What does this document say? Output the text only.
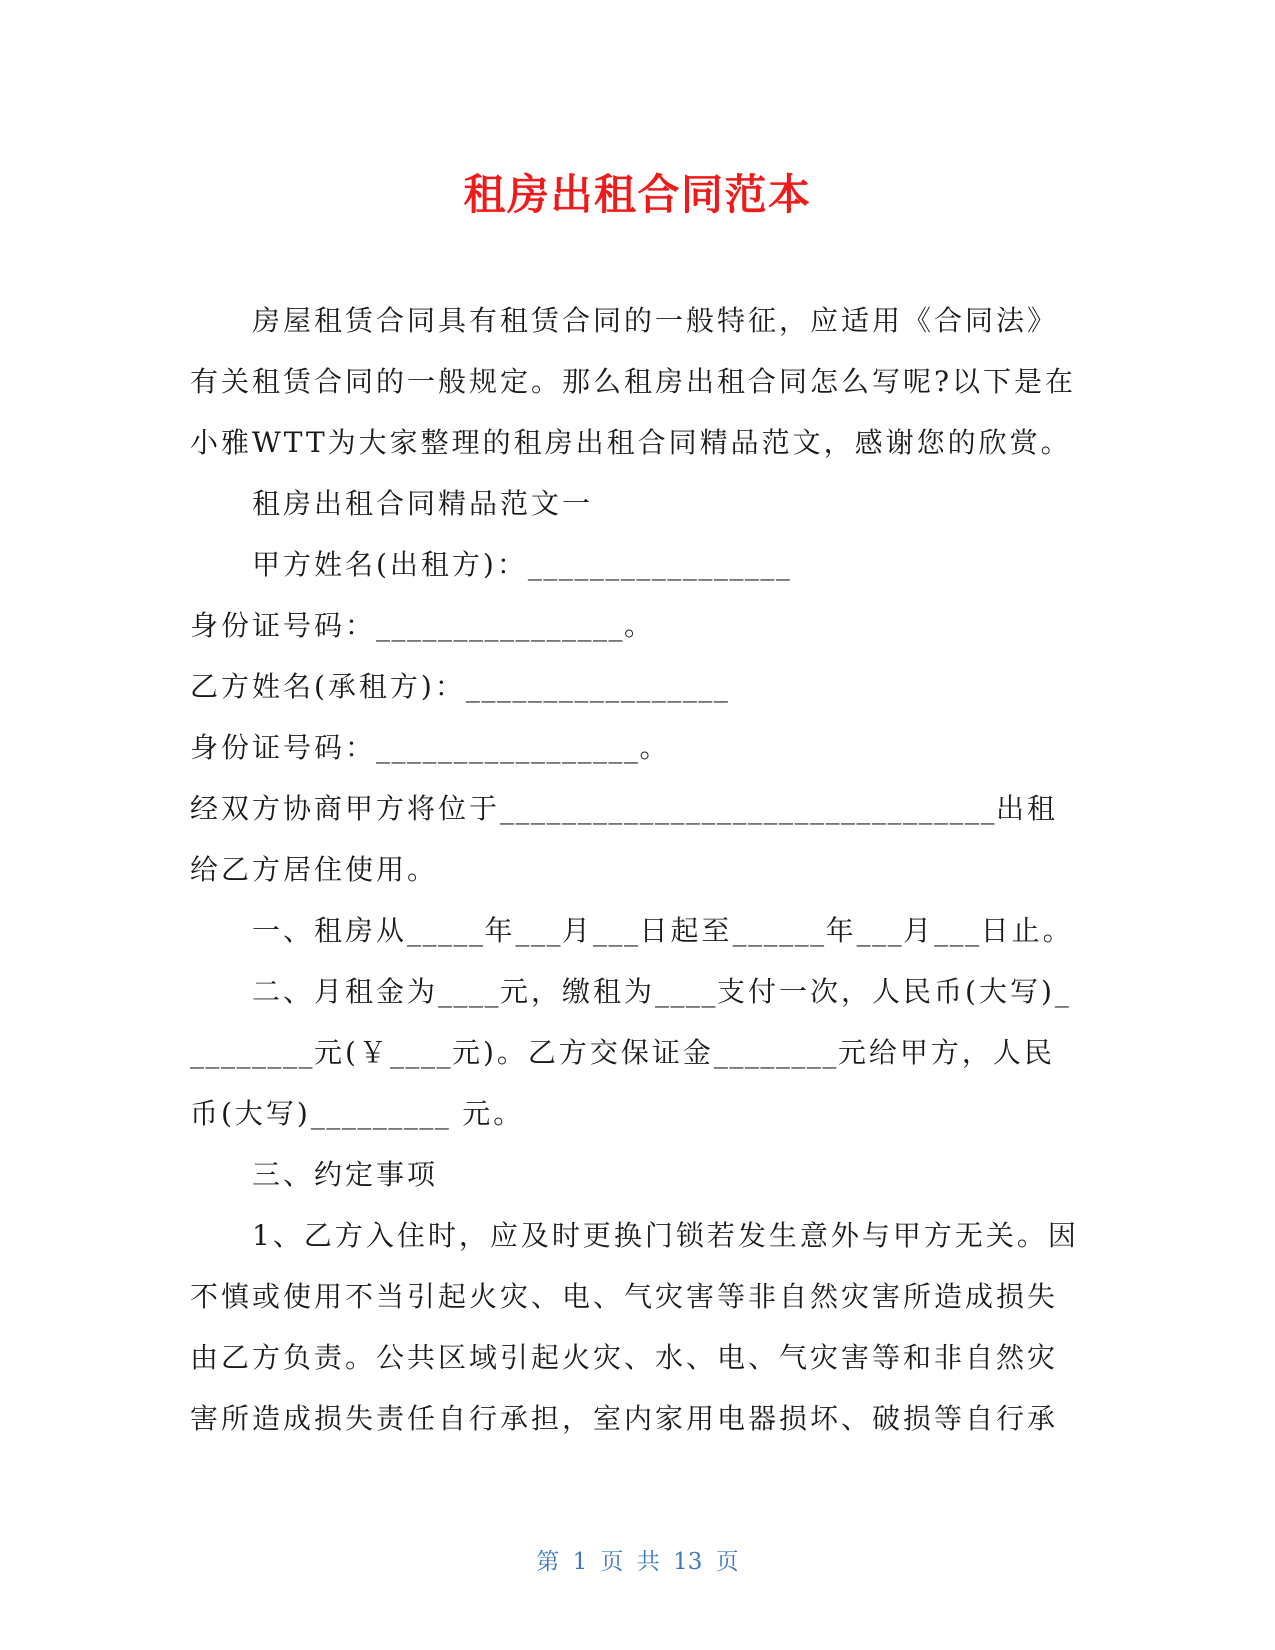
租房出租合同范本
房屋租赁合同具有租赁合同的一般特征，应适用《合同法》
有关租赁合同的一般规定。那么租房出租合同怎么写呢?以下是在
小雅WTT为大家整理的租房出租合同精品范文，感谢您的欣赏。
租房出租合同精品范文一
甲方姓名(出租方)：_________________
身份证号码：________________。
乙方姓名(承租方)：_________________
身份证号码：_________________。
经双方协商甲方将位于________________________________出租
给乙方居住使用。
一、租房从_____年___月___日起至______年___月___日止。
二、月租金为____元，缴租为____支付一次，人民币(大写)_
________元(￥____元)。乙方交保证金________元给甲方，人民
币(大写)_________ 元。
三、约定事项
1、乙方入住时，应及时更换门锁若发生意外与甲方无关。因
不慎或使用不当引起火灾、电、气灾害等非自然灾害所造成损失
由乙方负责。公共区域引起火灾、水、电、气灾害等和非自然灾
害所造成损失责任自行承担，室内家用电器损坏、破损等自行承
第 1 页 共 13 页
